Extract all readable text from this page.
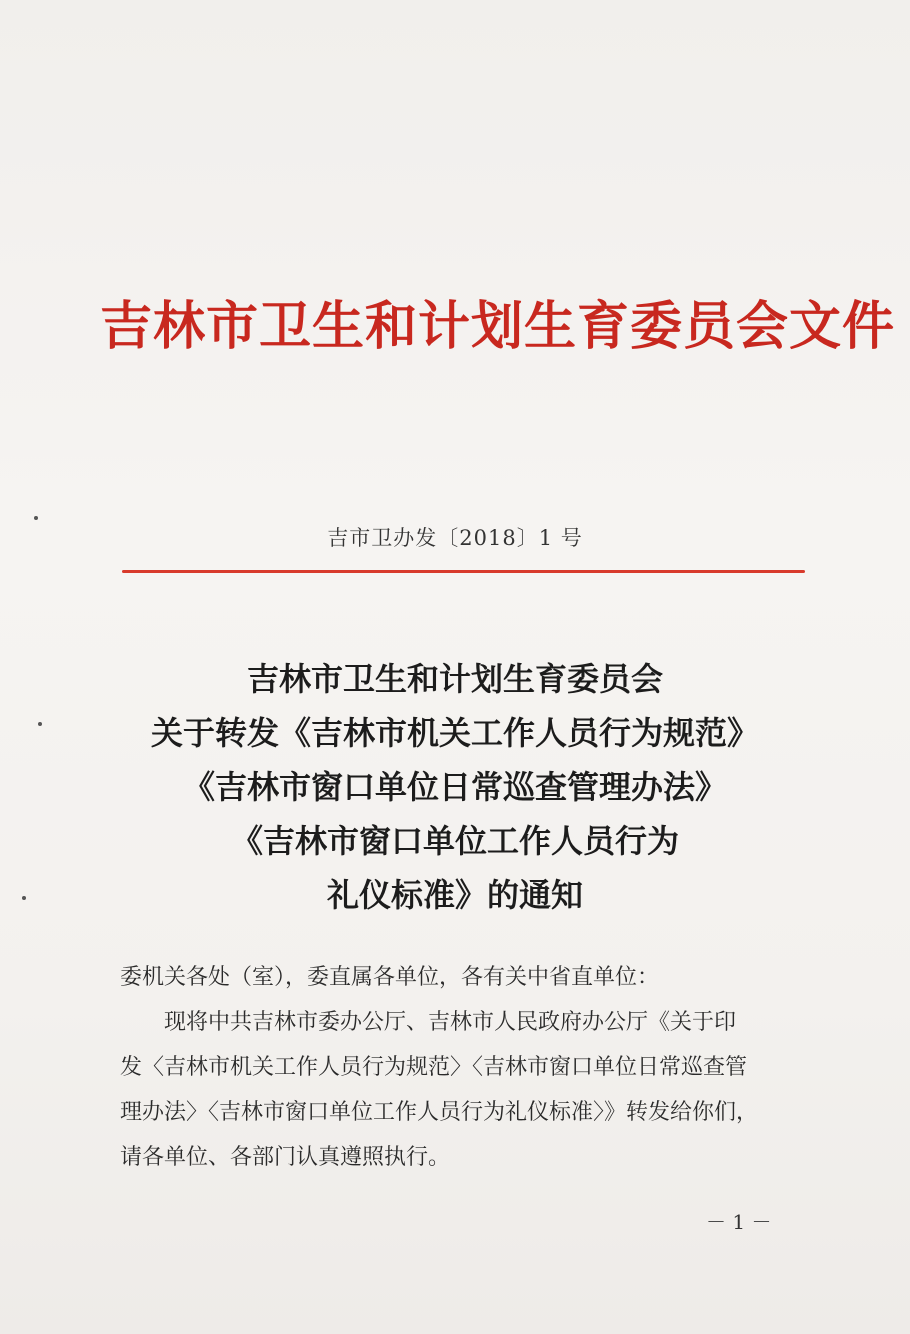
吉林市卫生和计划生育委员会文件
吉市卫办发〔2018〕1 号
吉林市卫生和计划生育委员会
关于转发《吉林市机关工作人员行为规范》
《吉林市窗口单位日常巡查管理办法》
《吉林市窗口单位工作人员行为
礼仪标准》的通知
委机关各处（室），委直属各单位，各有关中省直单位：
现将中共吉林市委办公厅、吉林市人民政府办公厅《关于印
发〈吉林市机关工作人员行为规范〉〈吉林市窗口单位日常巡查管
理办法〉〈吉林市窗口单位工作人员行为礼仪标准〉》转发给你们，
请各单位、各部门认真遵照执行。
－ 1 －
